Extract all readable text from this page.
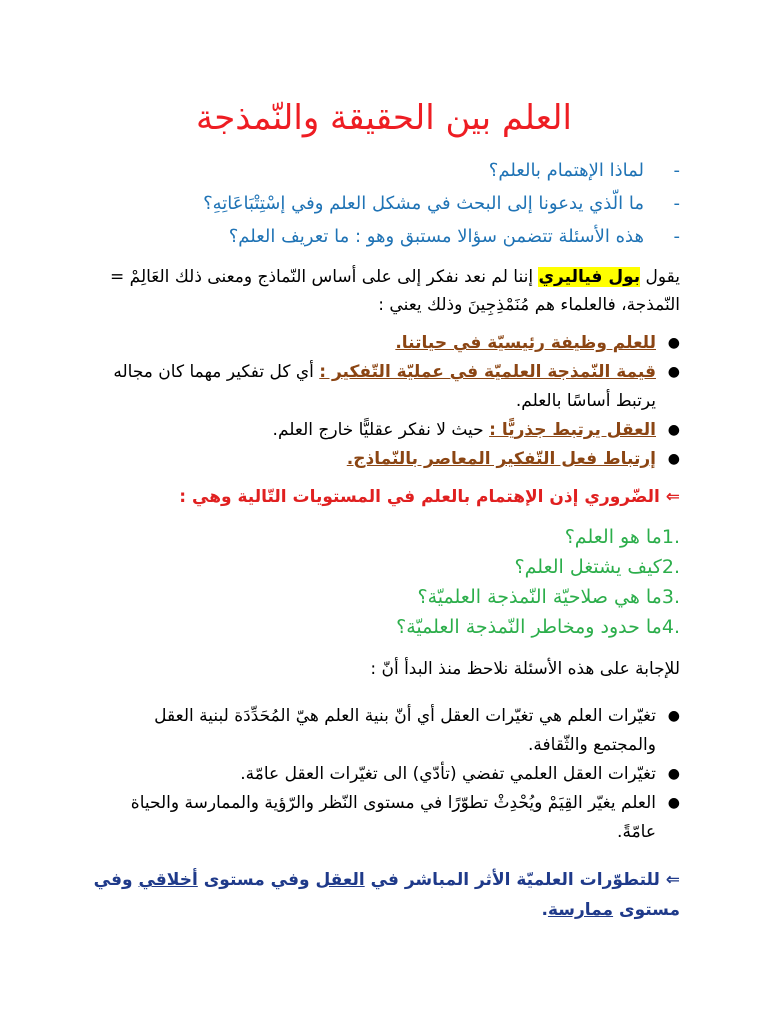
العلم بين الحقيقة والنّمذجة
-لماذا الإهتمام بالعلم؟
-ما الّذي يدعونا إلى البحث في مشكل العلم وفي إسْتِتْبَاعَاتِهِ؟
-هذه الأسئلة تتضمن سؤالا مستبق وهو : ما تعريف العلم؟

يقول بول فياليري إننا لم نعد نفكر إلى على أساس النّماذج ومعنى ذلك العَالِمْ = النّمذجة، فالعلماء هم مُنَمْذِجِينَ وذلك يعني :

●
للعلم وظيفة رئيسيّة في حياتنا.
●
قيمة النّمذجة العلميّة في عمليّة التّفكير : أي كل تفكير مهما كان مجاله يرتبط أساسًا بالعلم.
●
العقل يرتبط جذريًّا : حيث لا نفكر عقليًّا خارج العلم.
●
إرتباط فعل التّفكير المعاصر بالنّماذج.

⇐ الضّروري إذن الإهتمام بالعلم في المستويات التّالية وهي :

1.ما هو العلم؟
2.كيف يشتغل العلم؟
3.ما هي صلاحيّة النّمذجة العلميّة؟
4.ما حدود ومخاطر النّمذجة العلميّة؟

للإجابة على هذه الأسئلة نلاحظ منذ البدأ أنّ :

●
تغيّرات العلم هي تغيّرات العقل أي أنّ بنية العلم هيّ المُحَدِّدَة لبنية العقل والمجتمع والثّقافة.
●
تغيّرات العقل العلمي تفضي (تأدّي) الى تغيّرات العقل عامّة.
●
العلم يغيّر القِيَمْ ويُحْدِثْ تطوّرًا في مستوى النّظر والرّؤية والممارسة والحياة عامّةً.

⇐ للتطوّرات العلميّة الأثر المباشر في العقل وفي مستوى أخلاقي وفي مستوى ممارسة.
